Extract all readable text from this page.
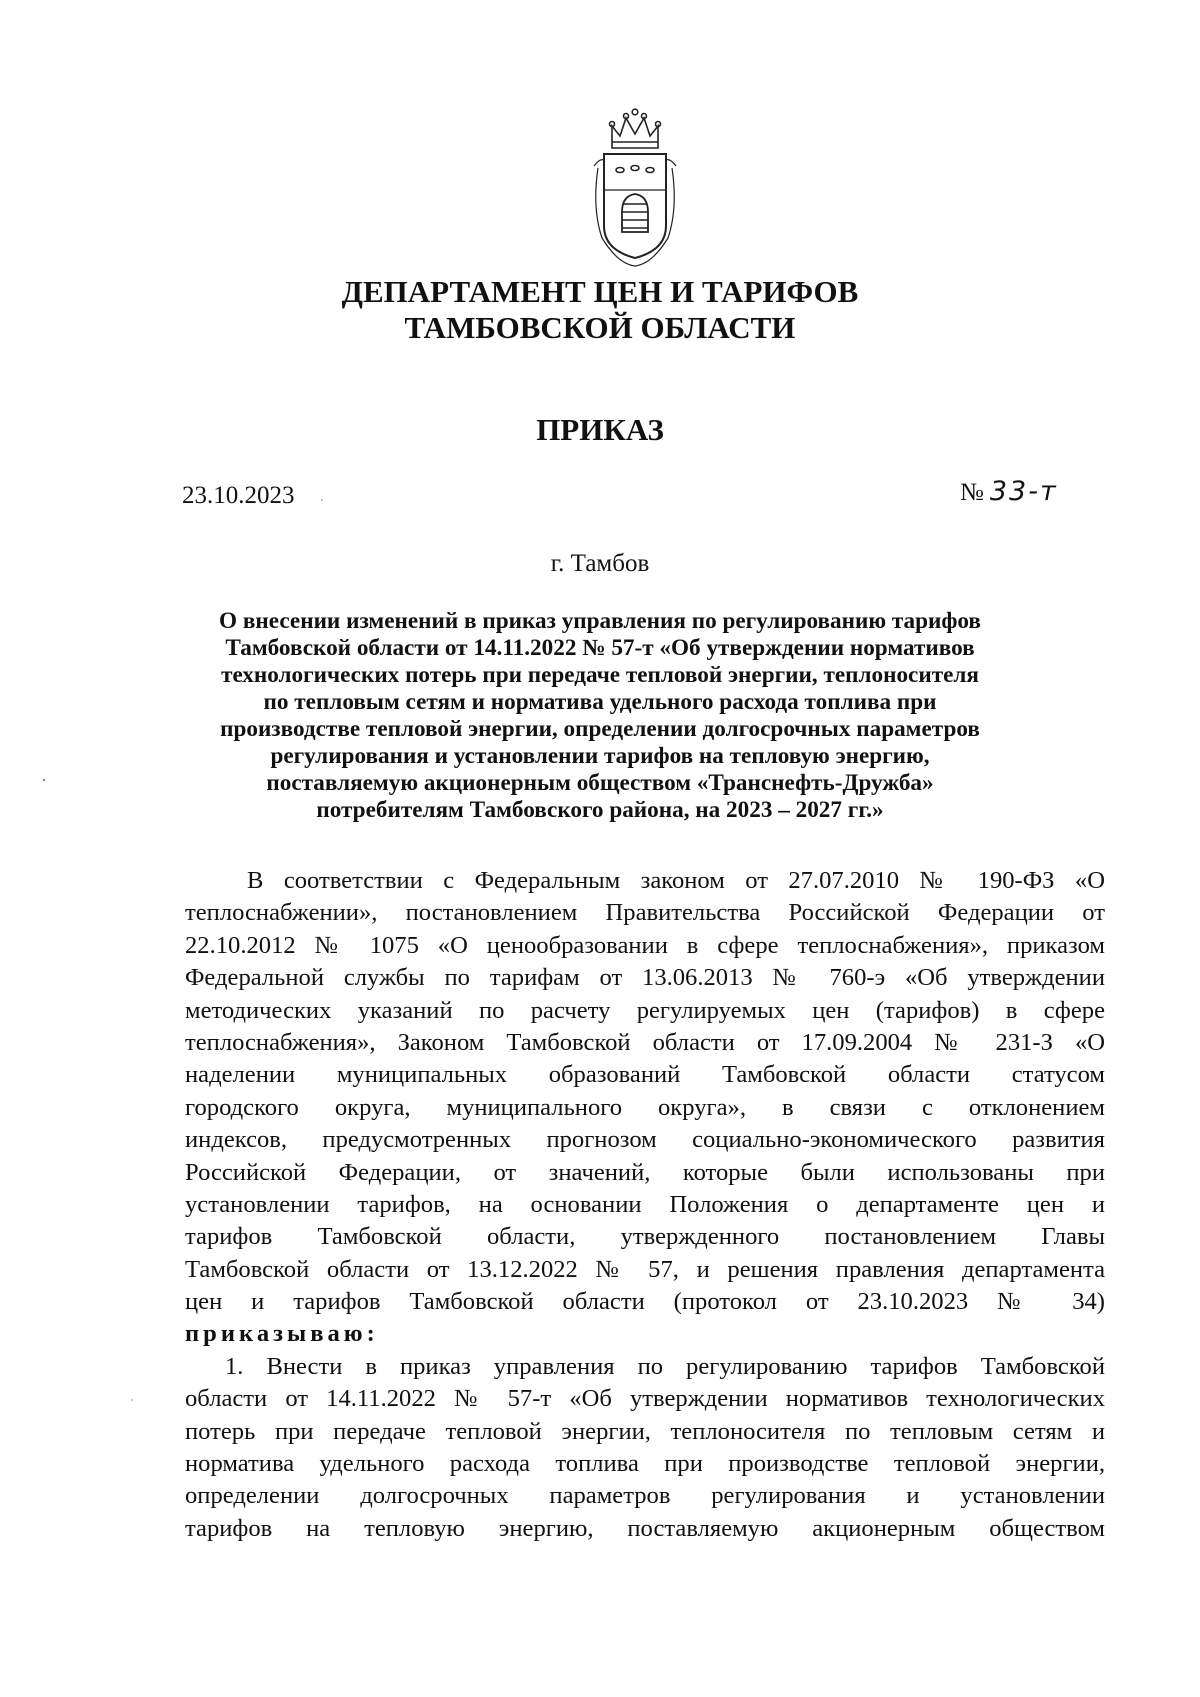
ДЕПАРТАМЕНТ ЦЕН И ТАРИФОВ
ТАМБОВСКОЙ ОБЛАСТИ
ПРИКАЗ
23.10.2023	№ 33-т
г. Тамбов
О внесении изменений в приказ управления по регулированию тарифов
Тамбовской области от 14.11.2022 № 57-т «Об утверждении нормативов
технологических потерь при передаче тепловой энергии, теплоносителя
по тепловым сетям и норматива удельного расхода топлива при
производстве тепловой энергии, определении долгосрочных параметров
регулирования и установлении тарифов на тепловую энергию,
поставляемую акционерным обществом «Транснефть-Дружба»
потребителям Тамбовского района, на 2023 – 2027 гг.»
В соответствии с Федеральным законом от 27.07.2010 № 190-ФЗ «О
теплоснабжении», постановлением Правительства Российской Федерации от
22.10.2012 № 1075 «О ценообразовании в сфере теплоснабжения», приказом
Федеральной службы по тарифам от 13.06.2013 № 760-э «Об утверждении
методических указаний по расчету регулируемых цен (тарифов) в сфере
теплоснабжения», Законом Тамбовской области от 17.09.2004 № 231-З «О
наделении муниципальных образований Тамбовской области статусом
городского округа, муниципального округа», в связи с отклонением
индексов, предусмотренных прогнозом социально-экономического развития
Российской Федерации, от значений, которые были использованы при
установлении тарифов, на основании Положения о департаменте цен и
тарифов Тамбовской области, утвержденного постановлением Главы
Тамбовской области от 13.12.2022 № 57, и решения правления департамента
цен и тарифов Тамбовской области (протокол от 23.10.2023 № 34)
приказываю:
1. Внести в приказ управления по регулированию тарифов Тамбовской
области от 14.11.2022 № 57-т «Об утверждении нормативов технологических
потерь при передаче тепловой энергии, теплоносителя по тепловым сетям и
норматива удельного расхода топлива при производстве тепловой энергии,
определении долгосрочных параметров регулирования и установлении
тарифов на тепловую энергию, поставляемую акционерным обществом
